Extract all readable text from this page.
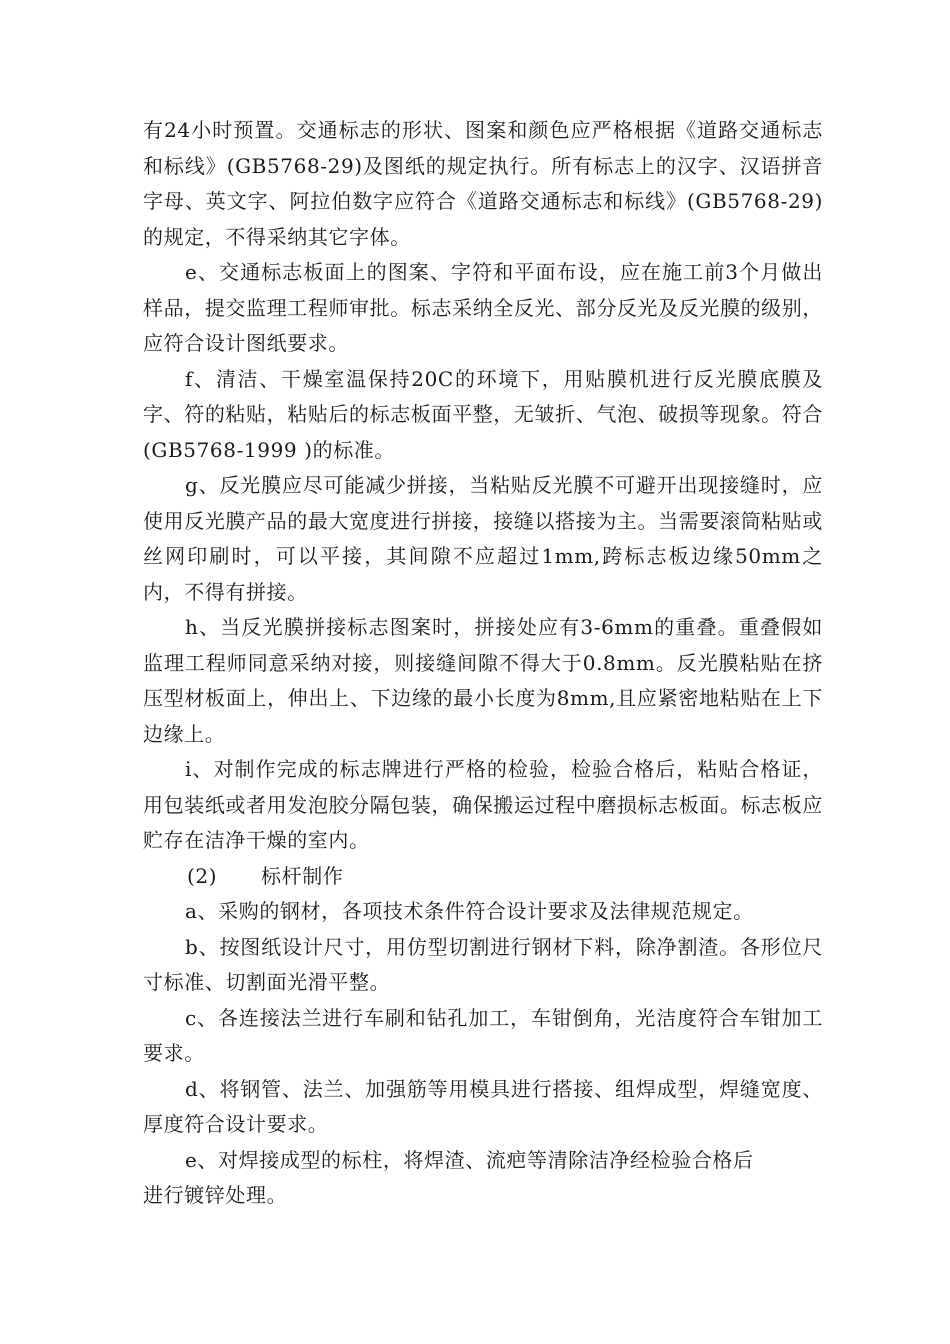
有24小时预置。交通标志的形状、图案和颜色应严格根据《道路交通标志和标线》(GB5768-29)及图纸的规定执行。所有标志上的汉字、汉语拼音字母、英文字、阿拉伯数字应符合《道路交通标志和标线》(GB5768-29)的规定，不得采纳其它字体。

e、交通标志板面上的图案、字符和平面布设，应在施工前3个月做出样品，提交监理工程师审批。标志采纳全反光、部分反光及反光膜的级别，应符合设计图纸要求。

f、清洁、干燥室温保持20C的环境下，用贴膜机进行反光膜底膜及字、符的粘贴，粘贴后的标志板面平整，无皱折、气泡、破损等现象。符合(GB5768-1999 )的标准。

g、反光膜应尽可能减少拼接，当粘贴反光膜不可避开出现接缝时，应使用反光膜产品的最大宽度进行拼接，接缝以搭接为主。当需要滚筒粘贴或丝网印刷时，可以平接，其间隙不应超过1mm,跨标志板边缘50mm之内，不得有拼接。

h、当反光膜拼接标志图案时，拼接处应有3-6mm的重叠。重叠假如监理工程师同意采纳对接，则接缝间隙不得大于0.8mm。反光膜粘贴在挤压型材板面上，伸出上、下边缘的最小长度为8mm,且应紧密地粘贴在上下边缘上。

i、对制作完成的标志牌进行严格的检验，检验合格后，粘贴合格证，用包装纸或者用发泡胶分隔包装，确保搬运过程中磨损标志板面。标志板应贮存在洁净干燥的室内。

(2) 标杆制作

a、采购的钢材，各项技术条件符合设计要求及法律规范规定。

b、按图纸设计尺寸，用仿型切割进行钢材下料，除净割渣。各形位尺寸标准、切割面光滑平整。

c、各连接法兰进行车刷和钻孔加工，车钳倒角，光洁度符合车钳加工要求。

d、将钢管、法兰、加强筋等用模具进行搭接、组焊成型，焊缝宽度、厚度符合设计要求。

e、对焊接成型的标柱，将焊渣、流疤等清除洁净经检验合格后

进行镀锌处理。
